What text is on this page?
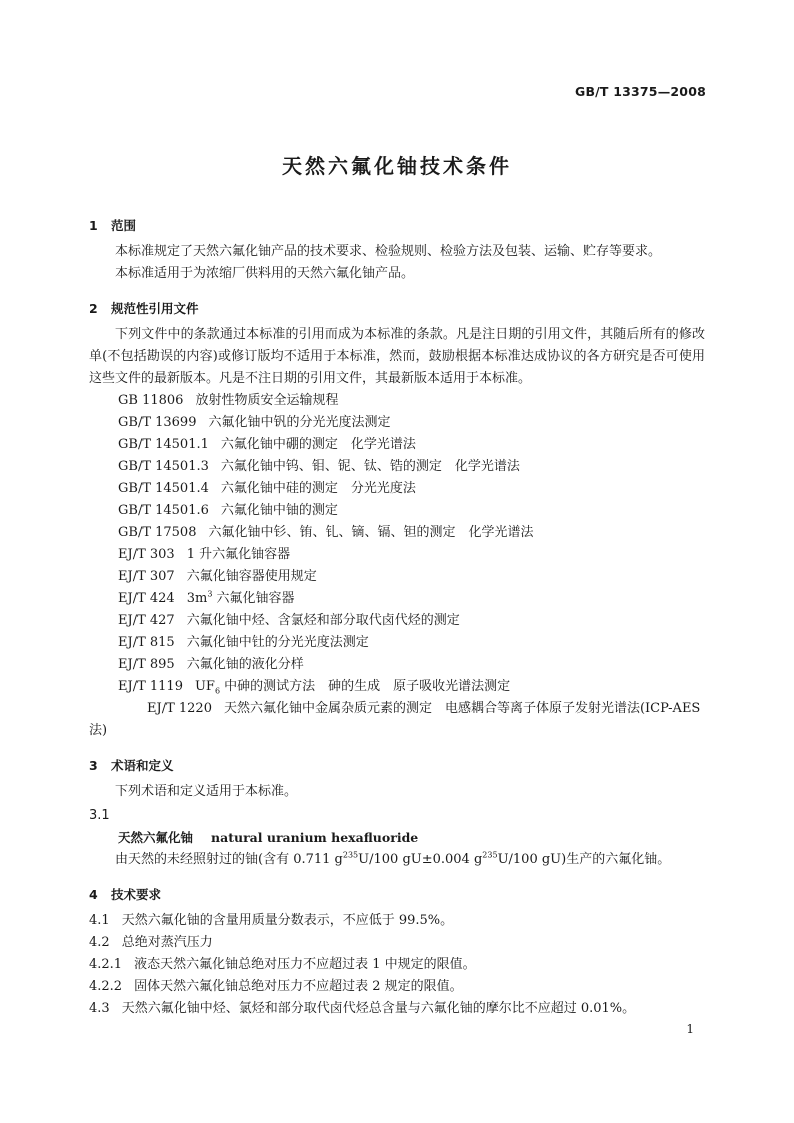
GB/T 13375—2008
天然六氟化铀技术条件
1 范围
本标准规定了天然六氟化铀产品的技术要求、检验规则、检验方法及包装、运输、贮存等要求。
本标准适用于为浓缩厂供料用的天然六氟化铀产品。
2 规范性引用文件
下列文件中的条款通过本标准的引用而成为本标准的条款。凡是注日期的引用文件，其随后所有的修改单(不包括勘误的内容)或修订版均不适用于本标准，然而，鼓励根据本标准达成协议的各方研究是否可使用这些文件的最新版本。凡是不注日期的引用文件，其最新版本适用于本标准。
GB 11806 放射性物质安全运输规程
GB/T 13699 六氟化铀中钒的分光光度法测定
GB/T 14501.1 六氟化铀中硼的测定　化学光谱法
GB/T 14501.3 六氟化铀中钨、钼、铌、钛、锆的测定　化学光谱法
GB/T 14501.4 六氟化铀中硅的测定　分光光度法
GB/T 14501.6 六氟化铀中铀的测定
GB/T 17508 六氟化铀中钐、铕、钆、镝、镉、钽的测定　化学光谱法
EJ/T 303 1 升六氟化铀容器
EJ/T 307 六氟化铀容器使用规定
EJ/T 424 $3m^3$ 六氟化铀容器
EJ/T 427 六氟化铀中烃、含氯烃和部分取代卤代烃的测定
EJ/T 815 六氟化铀中钍的分光光度法测定
EJ/T 895 六氟化铀的液化分样
EJ/T 1119 $UF_6$ 中砷的测试方法　砷的生成　原子吸收光谱法测定
EJ/T 1220 天然六氟化铀中金属杂质元素的测定　电感耦合等离子体原子发射光谱法(ICP-AES 法)
3 术语和定义
下列术语和定义适用于本标准。
3.1
天然六氟化铀 natural uranium hexafluoride
由天然的未经照射过的铀(含有 0.711 $g^{235}U/100$ gU±0.004 $g^{235}U/100$ gU)生产的六氟化铀。
4 技术要求
4.1 天然六氟化铀的含量用质量分数表示，不应低于 99.5%。
4.2 总绝对蒸汽压力
4.2.1 液态天然六氟化铀总绝对压力不应超过表 1 中规定的限值。
4.2.2 固体天然六氟化铀总绝对压力不应超过表 2 规定的限值。
4.3 天然六氟化铀中烃、氯烃和部分取代卤代烃总含量与六氟化铀的摩尔比不应超过 0.01%。
1
